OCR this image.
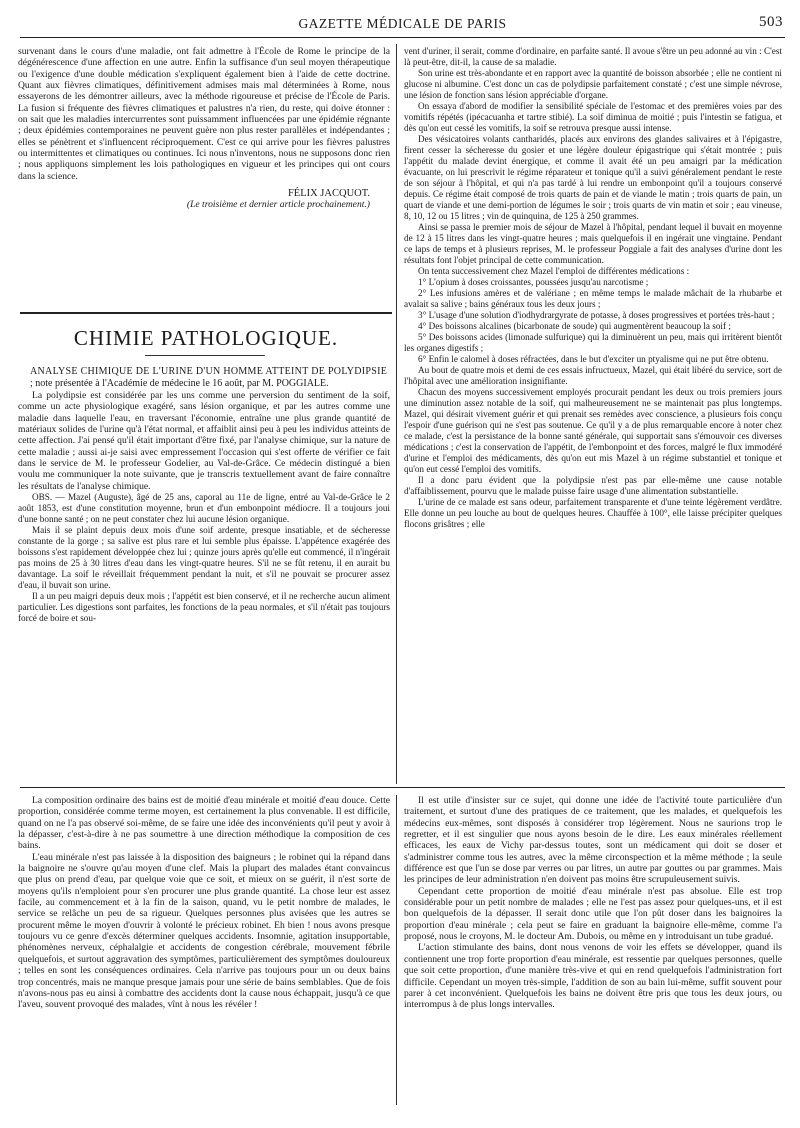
GAZETTE MÉDICALE DE PARIS	503

survenant dans le cours d'une maladie, ont fait admettre à l'École de Rome le principe de la dégénérescence d'une affection en une autre. Enfin la suffisance d'un seul moyen thérapeutique ou l'exigence d'une double médication s'expliquent également bien à l'aide de cette doctrine. Quant aux fièvres climatiques, définitivement admises mais mal déterminées à Rome, nous essayerons de les démontrer ailleurs, avec la méthode rigoureuse et précise de l'École de Paris. La fusion si fréquente des fièvres climatiques et palustres n'a rien, du reste, qui doive étonner : on sait que les maladies intercurrentes sont puissamment influencées par une épidémie régnante ; deux épidémies contemporaines ne peuvent guère non plus rester parallèles et indépendantes ; elles se pénètrent et s'influencent réciproquement. C'est ce qui arrive pour les fièvres palustres ou intermittentes et climatiques ou continues. Ici nous n'inventons, nous ne supposons donc rien ; nous appliquons simplement les lois pathologiques en vigueur et les principes qui ont cours dans la science.

FÉLIX JACQUOT.
(Le troisième et dernier article prochainement.)
CHIMIE PATHOLOGIQUE.
ANALYSE CHIMIQUE DE L'URINE D'UN HOMME ATTEINT DE POLYDIPSIE ; note présentée à l'Académie de médecine le 16 août, par M. POGGIALE.

La polydipsie est considérée par les uns comme une perversion du sentiment de la soif, comme un acte physiologique exagéré, sans lésion organique, et par les autres comme une maladie dans laquelle l'eau, en traversant l'économie, entraîne une plus grande quantité de matériaux solides de l'urine qu'à l'état normal, et affaiblit ainsi peu à peu les individus atteints de cette affection. J'ai pensé qu'il était important d'être fixé, par l'analyse chimique, sur la nature de cette maladie ; aussi ai-je saisi avec empressement l'occasion qui s'est offerte de vérifier ce fait dans le service de M. le professeur Godelier, au Val-de-Grâce. Ce médecin distingué a bien voulu me communiquer la note suivante, que je transcris textuellement avant de faire connaître les résultats de l'analyse chimique.

OBS. — Mazel (Auguste), âgé de 25 ans, caporal au 11e de ligne, entré au Val-de-Grâce le 2 août 1853, est d'une constitution moyenne, brun et d'un embonpoint médiocre. Il a toujours joui d'une bonne santé ; on ne peut constater chez lui aucune lésion organique.

Mais il se plaint depuis deux mois d'une soif ardente, presque insatiable, et de sécheresse constante de la gorge ; sa salive est plus rare et lui semble plus épaisse. L'appétence exagérée des boissons s'est rapidement développée chez lui ; quinze jours après qu'elle eut commencé, il n'ingérait pas moins de 25 à 30 litres d'eau dans les vingt-quatre heures. S'il ne se fût retenu, il en aurait bu davantage. La soif le réveillait fréquemment pendant la nuit, et s'il ne pouvait se procurer assez d'eau, il buvait son urine.

Il a un peu maigri depuis deux mois ; l'appétit est bien conservé, et il ne recherche aucun aliment particulier. Les digestions sont parfaites, les fonctions de la peau normales, et s'il n'était pas toujours forcé de boire et sou-

vent d'uriner, il serait, comme d'ordinaire, en parfaite santé. Il avoue s'être un peu adonné au vin : C'est là peut-être, dit-il, la cause de sa maladie.

Son urine est très-abondante et en rapport avec la quantité de boisson absorbée ; elle ne contient ni glucose ni albumine. C'est donc un cas de polydipsie parfaitement constaté ; c'est une simple névrose, une lésion de fonction sans lésion appréciable d'organe.

On essaya d'abord de modifier la sensibilité spéciale de l'estomac et des premières voies par des vomitifs répétés (ipécacuanha et tartre stibié). La soif diminua de moitié ; puis l'intestin se fatigua, et dès qu'on eut cessé les vomitifs, la soif se retrouva presque aussi intense.

Des vésicatoires volants cantharidés, placés aux environs des glandes salivaires et à l'épigastre, firent cesser la sécheresse du gosier et une légère douleur épigastrique qui s'était montrée ; puis l'appétit du malade devint énergique, et comme il avait été un peu amaigri par la médication évacuante, on lui prescrivit le régime réparateur et tonique qu'il a suivi généralement pendant le reste de son séjour à l'hôpital, et qui n'a pas tardé à lui rendre un embonpoint qu'il a toujours conservé depuis. Ce régime était composé de trois quarts de pain et de viande le matin ; trois quarts de pain, un quart de viande et une demi-portion de légumes le soir ; trois quarts de vin matin et soir ; eau vineuse, 8, 10, 12 ou 15 litres ; vin de quinquina, de 125 à 250 grammes.

Ainsi se passa le premier mois de séjour de Mazel à l'hôpital, pendant lequel il buvait en moyenne de 12 à 15 litres dans les vingt-quatre heures ; mais quelquefois il en ingérait une vingtaine. Pendant ce laps de temps et à plusieurs reprises, M. le professeur Poggiale a fait des analyses d'urine dont les résultats font l'objet principal de cette communication.

On tenta successivement chez Mazel l'emploi de différentes médications :

1° L'opium à doses croissantes, poussées jusqu'au narcotisme ;

2° Les infusions amères et de valériane ; en même temps le malade mâchait de la rhubarbe et avalait sa salive ; bains généraux tous les deux jours ;

3° L'usage d'une solution d'iodhydrargyrate de potasse, à doses progressives et portées très-haut ;

4° Des boissons alcalines (bicarbonate de soude) qui augmentèrent beaucoup la soif ;

5° Des boissons acides (limonade sulfurique) qui la diminuèrent un peu, mais qui irritèrent bientôt les organes digestifs ;

6° Enfin le calomel à doses réfractées, dans le but d'exciter un ptyalisme qui ne put être obtenu.

Au bout de quatre mois et demi de ces essais infructueux, Mazel, qui était libéré du service, sort de l'hôpital avec une amélioration insignifiante.

Chacun des moyens successivement employés procurait pendant les deux ou trois premiers jours une diminution assez notable de la soif, qui malheureusement ne se maintenait pas plus longtemps. Mazel, qui désirait vivement guérir et qui prenait ses remèdes avec conscience, a plusieurs fois conçu l'espoir d'une guérison qui ne s'est pas soutenue. Ce qu'il y a de plus remarquable encore à noter chez ce malade, c'est la persistance de la bonne santé générale, qui supportait sans s'émouvoir ces diverses médications ; c'est la conservation de l'appétit, de l'embonpoint et des forces, malgré le flux immodéré d'urine et l'emploi des médicaments, dès qu'on eut mis Mazel à un régime substantiel et tonique et qu'on eut cessé l'emploi des vomitifs.

Il a donc paru évident que la polydipsie n'est pas par elle-même une cause notable d'affaiblissement, pourvu que le malade puisse faire usage d'une alimentation substantielle.

L'urine de ce malade est sans odeur, parfaitement transparente et d'une teinte légèrement verdâtre. Elle donne un peu louche au bout de quelques heures. Chauffée à 100°, elle laisse précipiter quelques flocons grisâtres ; elle

La composition ordinaire des bains est de moitié d'eau minérale et moitié d'eau douce. Cette proportion, considérée comme terme moyen, est certainement la plus convenable. Il est difficile, quand on ne l'a pas observé soi-même, de se faire une idée des inconvénients qu'il peut y avoir à la dépasser, c'est-à-dire à ne pas soumettre à une direction méthodique la composition de ces bains.

L'eau minérale n'est pas laissée à la disposition des baigneurs ; le robinet qui la répand dans la baignoire ne s'ouvre qu'au moyen d'une clef. Mais la plupart des malades étant convaincus que plus on prend d'eau, par quelque voie que ce soit, et mieux on se guérit, il n'est sorte de moyens qu'ils n'emploient pour s'en procurer une plus grande quantité. La chose leur est assez facile, au commencement et à la fin de la saison, quand, vu le petit nombre de malades, le service se relâche un peu de sa rigueur. Quelques personnes plus avisées que les autres se procurent même le moyen d'ouvrir à volonté le précieux robinet. Eh bien ! nous avons presque toujours vu ce genre d'excès déterminer quelques accidents. Insomnie, agitation insupportable, phénomènes nerveux, céphalalgie et accidents de congestion cérébrale, mouvement fébrile quelquefois, et surtout aggravation des symptômes, particulièrement des symptômes douloureux ; telles en sont les conséquences ordinaires. Cela n'arrive pas toujours pour un ou deux bains trop concentrés, mais ne manque presque jamais pour une série de bains semblables. Que de fois n'avons-nous pas eu ainsi à combattre des accidents dont la cause nous échappait, jusqu'à ce que l'aveu, souvent provoqué des malades, vînt à nous les révéler !

Il est utile d'insister sur ce sujet, qui donne une idée de l'activité toute particulière d'un traitement, et surtout d'une des pratiques de ce traitement, que les malades, et quelquefois les médecins eux-mêmes, sont disposés à considérer trop légèrement. Nous ne saurions trop le regretter, et il est singulier que nous ayons besoin de le dire. Les eaux minérales réellement efficaces, les eaux de Vichy par-dessus toutes, sont un médicament qui doit se doser et s'administrer comme tous les autres, avec la même circonspection et la même méthode ; la seule différence est que l'un se dose par verres ou par litres, un autre par gouttes ou par grammes. Mais les principes de leur administration n'en doivent pas moins être scrupuleusement suivis.

Cependant cette proportion de moitié d'eau minérale n'est pas absolue. Elle est trop considérable pour un petit nombre de malades ; elle ne l'est pas assez pour quelques-uns, et il est bon quelquefois de la dépasser. Il serait donc utile que l'on pût doser dans les baignoires la proportion d'eau minérale ; cela peut se faire en graduant la baignoire elle-même, comme l'a proposé, nous le croyons, M. le docteur Am. Dubois, ou même en y introduisant un tube gradué.

L'action stimulante des bains, dont nous venons de voir les effets se développer, quand ils contiennent une trop forte proportion d'eau minérale, est ressentie par quelques personnes, quelle que soit cette proportion, d'une manière très-vive et qui en rend quelquefois l'administration fort difficile. Cependant un moyen très-simple, l'addition de son au bain lui-même, suffit souvent pour parer à cet inconvénient. Quelquefois les bains ne doivent être pris que tous les deux jours, ou interrompus à de plus longs intervalles.
